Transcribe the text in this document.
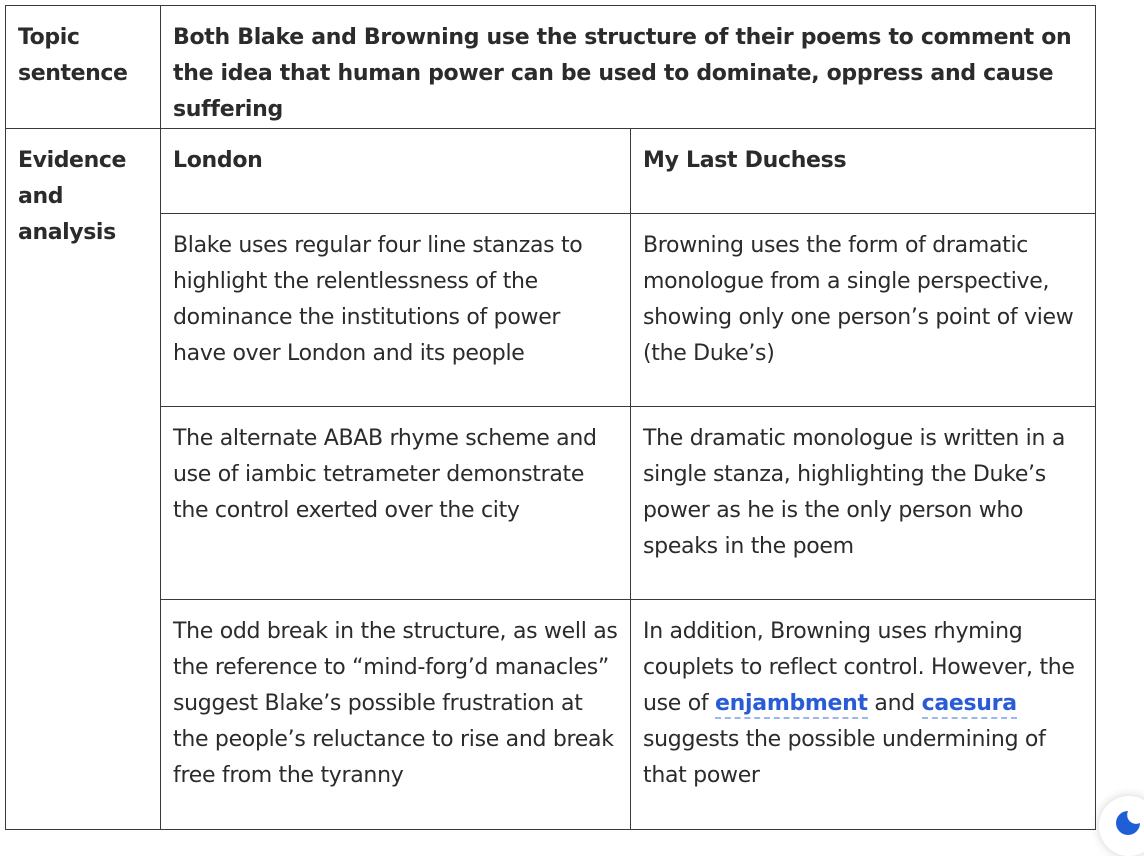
Topic sentence	Both Blake and Browning use the structure of their poems to comment on the idea that human power can be used to dominate, oppress and cause suffering	
Evidence and analysis	London	My Last Duchess
	Blake uses regular four line stanzas to highlight the relentlessness of the dominance the institutions of power have over London and its people	Browning uses the form of dramatic monologue from a single perspective, showing only one person’s point of view (the Duke’s)
	The alternate ABAB rhyme scheme and use of iambic tetrameter demonstrate the control exerted over the city	The dramatic monologue is written in a single stanza, highlighting the Duke’s power as he is the only person who speaks in the poem
	The odd break in the structure, as well as the reference to “mind-forg’d manacles” suggest Blake’s possible frustration at the people’s reluctance to rise and break free from the tyranny	In addition, Browning uses rhyming couplets to reflect control. However, the use of enjambment and caesura suggests the possible undermining of that power
